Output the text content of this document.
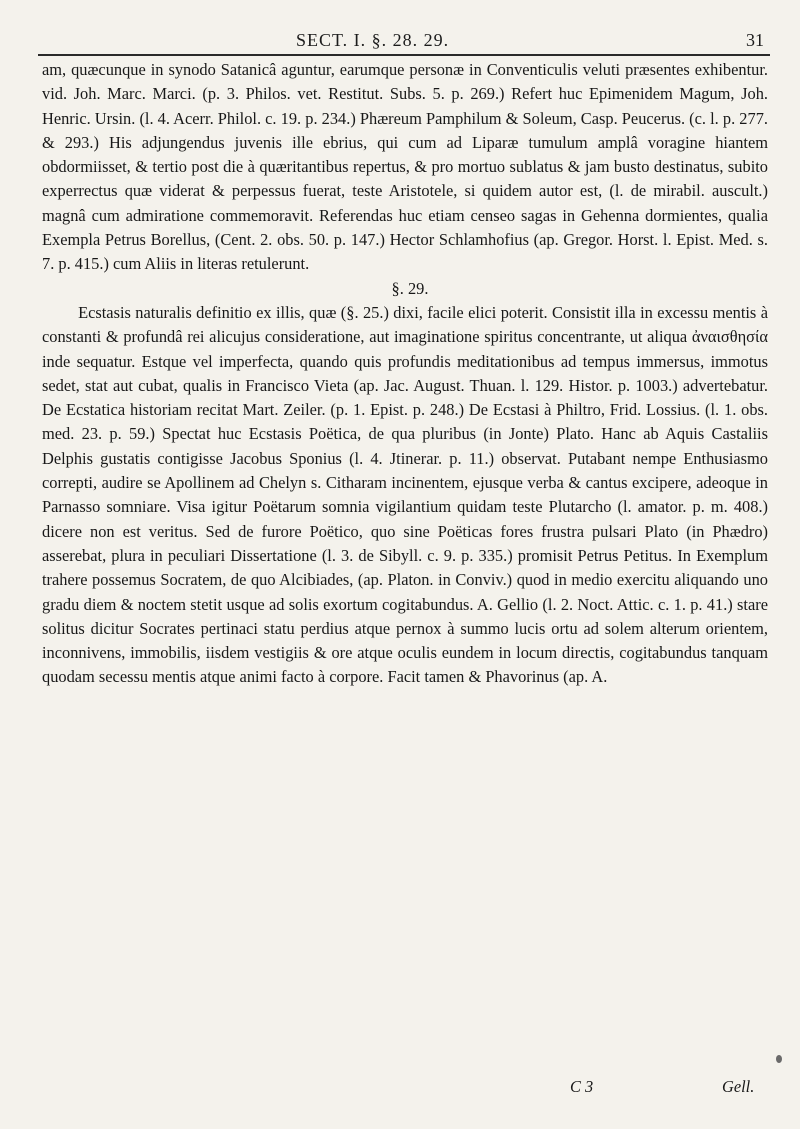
SECT. I. §. 28. 29.	31

am, quæcunque in synodo Satanicâ aguntur, earumque personæ in Conventiculis veluti præsentes exhibentur. vid. Joh. Marc. Marci. (p. 3. Philos. vet. Restitut. Subs. 5. p. 269.) Refert huc Epimenidem Magum, Joh. Henric. Ursin. (l. 4. Acerr. Philol. c. 19. p. 234.) Phæreum Pamphilum & Soleum, Casp. Peucerus. (c. l. p. 277. & 293.) His adjungendus juvenis ille ebrius, qui cum ad Liparæ tumulum amplâ voragine hiantem obdormiisset, & tertio post die à quæritantibus repertus, & pro mortuo sublatus & jam busto destinatus, subito experrectus quæ viderat & perpessus fuerat, teste Aristotele, si quidem autor est, (l. de mirabil. auscult.) magnâ cum admiratione commemoravit. Referendas huc etiam censeo sagas in Gehenna dormientes, qualia Exempla Petrus Borellus, (Cent. 2. obs. 50. p. 147.) Hector Schlamhofius (ap. Gregor. Horst. l. Epist. Med. s. 7. p. 415.) cum Aliis in literas retulerunt.

§. 29.

Ecstasis naturalis definitio ex illis, quæ (§. 25.) dixi, facile elici poterit. Consistit illa in excessu mentis à constanti & profundâ rei alicujus consideratione, aut imaginatione spiritus concentrante, ut aliqua ἀναισθησία inde sequatur. Estque vel imperfecta, quando quis profundis meditationibus ad tempus immersus, immotus sedet, stat aut cubat, qualis in Francisco Vieta (ap. Jac. August. Thuan. l. 129. Histor. p. 1003.) advertebatur. De Ecstatica historiam recitat Mart. Zeiler. (p. 1. Epist. p. 248.) De Ecstasi à Philtro, Frid. Lossius. (l. 1. obs. med. 23. p. 59.) Spectat huc Ecstasis Poëtica, de qua pluribus (in Jonte) Plato. Hanc ab Aquis Castaliis Delphis gustatis contigisse Jacobus Sponius (l. 4. Jtinerar. p. 11.) observat. Putabant nempe Enthusiasmo correpti, audire se Apollinem ad Chelyn s. Citharam incinentem, ejusque verba & cantus excipere, adeoque in Parnasso somniare. Visa igitur Poëtarum somnia vigilantium quidam teste Plutarcho (l. amator. p. m. 408.) dicere non est veritus. Sed de furore Poëtico, quo sine Poëticas fores frustra pulsari Plato (in Phædro) asserebat, plura in peculiari Dissertatione (l. 3. de Sibyll. c. 9. p. 335.) promisit Petrus Petitus. In Exemplum trahere possemus Socratem, de quo Alcibiades, (ap. Platon. in Conviv.) quod in medio exercitu aliquando uno gradu diem & noctem stetit usque ad solis exortum cogitabundus. A. Gellio (l. 2. Noct. Attic. c. 1. p. 41.) stare solitus dicitur Socrates pertinaci statu perdius atque pernox à summo lucis ortu ad solem alterum orientem, inconnivens, immobilis, iisdem vestigiis & ore atque oculis eundem in locum directis, cogitabundus tanquam quodam secessu mentis atque animi facto à corpore. Facit tamen & Phavorinus (ap. A.

C 3	Gell.
